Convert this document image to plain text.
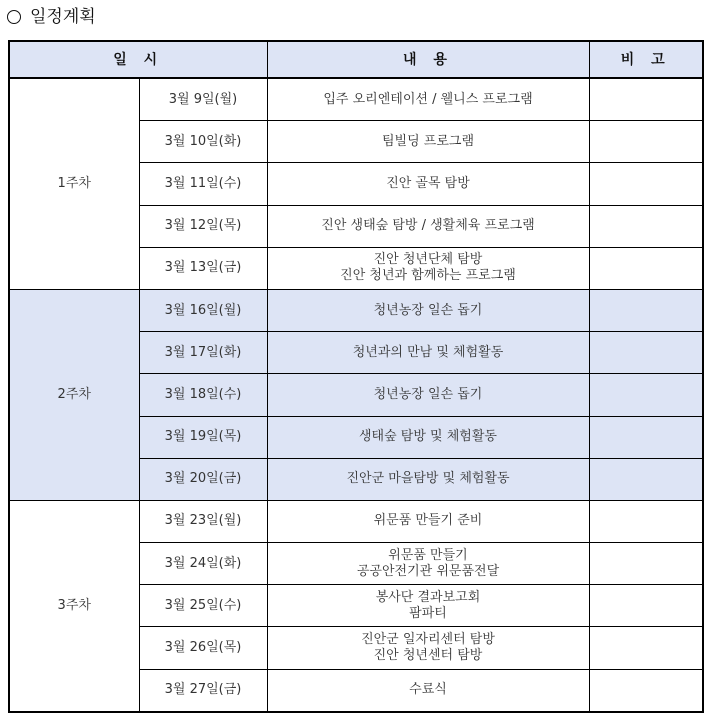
일정계획
일 시		내 용	비 고
1주차	3월 9일(월)	입주 오리엔테이션 / 웰니스 프로그램	

	3월 10일(화)	팀빌딩 프로그램	

	3월 11일(수)	진안 골목 탐방	

	3월 12일(목)	진안 생태숲 탐방 / 생활체육 프로그램	

	3월 13일(금)	진안 청년단체 탐방
진안 청년과 함께하는 프로그램	

2주차	3월 16일(월)	청년농장 일손 돕기	

	3월 17일(화)	청년과의 만남 및 체험활동	

	3월 18일(수)	청년농장 일손 돕기	

	3월 19일(목)	생태숲 탐방 및 체험활동	

	3월 20일(금)	진안군 마을탐방 및 체험활동	

3주차	3월 23일(월)	위문품 만들기 준비	

	3월 24일(화)	위문품 만들기
공공안전기관 위문품전달	

	3월 25일(수)	봉사단 결과보고회
팜파티	

	3월 26일(목)	진안군 일자리센터 탐방
진안 청년센터 탐방	

	3월 27일(금)	수료식	
